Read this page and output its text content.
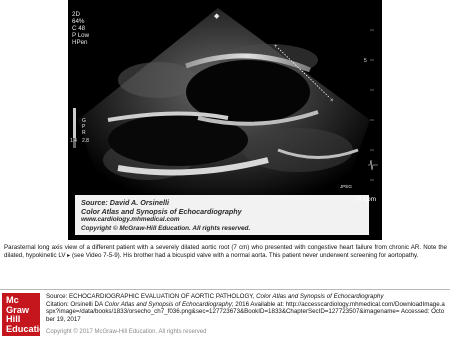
×
+
5
2D
64%
C 48
P Low
HPen
G
P
R
1.4 2.8
◆
JPEG
Source: David A. Orsinelli
Color Atlas and Synopsis of Echocardiography
www.cardiology.mhmedical.com
Copyright © McGraw-Hill Education. All rights reserved.
78 bpm
Parasternal long axis view of a different patient with a severely dilated aortic root (7 cm) who presented with congestive heart failure from chronic AR. Note the dilated, hypokinetic LV ▸ (see Video 7-5-9). His brother had a bicuspid valve with a normal aorta. This patient never underwent screening for aortopathy.
Mc
Graw
Hill
Education
Source: ECHOCARDIOGRAPHIC EVALUATION OF AORTIC PATHOLOGY, Color Atlas and Synopsis of Echocardiography
Citation: Orsinelli DA Color Atlas and Synopsis of Echocardiography; 2016 Available at: http://accesscardiology.mhmedical.com/DownloadImage.aspx?image=/data/books/1833/orsecho_ch7_f036.png&sec=127723673&BookID=1833&ChapterSecID=127723507&imagename= Accessed: October 19, 2017
Copyright © 2017 McGraw-Hill Education. All rights reserved
